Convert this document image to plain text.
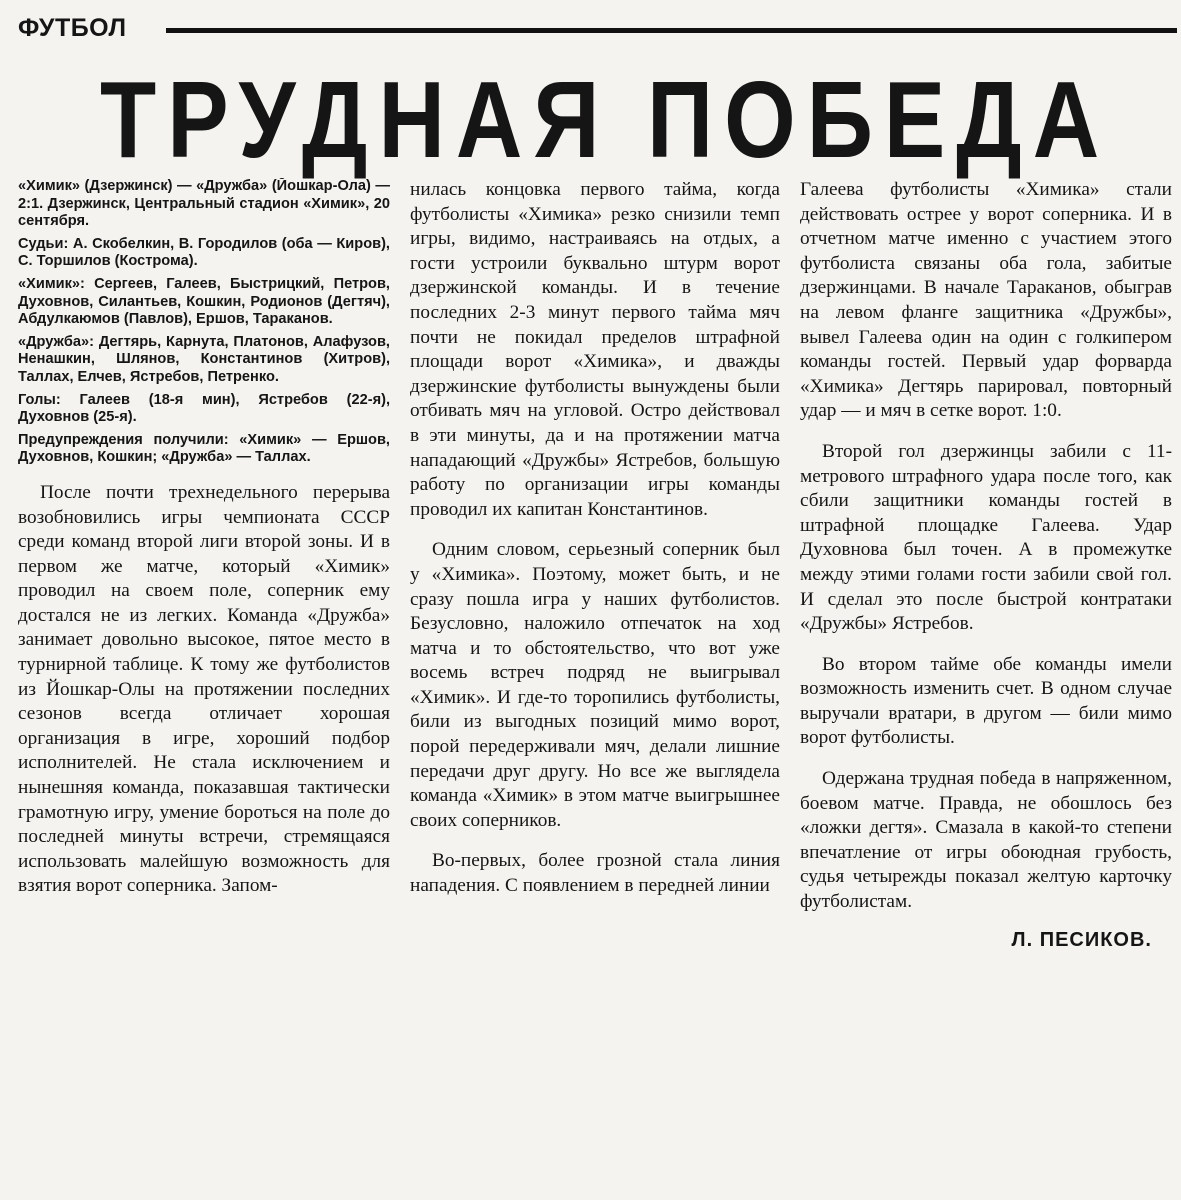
ФУТБОЛ
ТРУДНАЯ ПОБЕДА

«Химик» (Дзержинск) — «Дружба» (Йошкар-Ола) — 2:1. Дзержинск, Центральный стадион «Химик», 20 сентября.

Судьи: А. Скобелкин, В. Городилов (оба — Киров), С. Торшилов (Кострома).

«Химик»: Сергеев, Галеев, Быстрицкий, Петров, Духовнов, Силантьев, Кошкин, Родионов (Дегтяч), Абдулкаюмов (Павлов), Ершов, Тараканов.

«Дружба»: Дегтярь, Карнута, Платонов, Алафузов, Ненашкин, Шлянов, Константинов (Хитров), Таллах, Елчев, Ястребов, Петренко.

Голы: Галеев (18-я мин), Ястребов (22-я), Духовнов (25-я).

Предупреждения получили: «Химик» — Ершов, Духовнов, Кошкин; «Дружба» — Таллах.

После почти трехнедельного перерыва возобновились игры чемпионата СССР среди команд второй лиги второй зоны. И в первом же матче, который «Химик» проводил на своем поле, соперник ему достался не из легких. Команда «Дружба» занимает довольно высокое, пятое место в турнирной таблице. К тому же футболистов из Йошкар-Олы на протяжении последних сезонов всегда отличает хорошая организация в игре, хороший подбор исполнителей. Не стала исключением и нынешняя команда, показавшая тактически грамотную игру, умение бороться на поле до последней минуты встречи, стремящаяся использовать малейшую возможность для взятия ворот соперника. Запом-

нилась концовка первого тайма, когда футболисты «Химика» резко снизили темп игры, видимо, настраиваясь на отдых, а гости устроили буквально штурм ворот дзержинской команды. И в течение последних 2-3 минут первого тайма мяч почти не покидал пределов штрафной площади ворот «Химика», и дважды дзержинские футболисты вынуждены были отбивать мяч на угловой. Остро действовал в эти минуты, да и на протяжении матча нападающий «Дружбы» Ястребов, большую работу по организации игры команды проводил их капитан Константинов.

Одним словом, серьезный соперник был у «Химика». Поэтому, может быть, и не сразу пошла игра у наших футболистов. Безусловно, наложило отпечаток на ход матча и то обстоятельство, что вот уже восемь встреч подряд не выигрывал «Химик». И где-то торопились футболисты, били из выгодных позиций мимо ворот, порой передерживали мяч, делали лишние передачи друг другу. Но все же выглядела команда «Химик» в этом матче выигрышнее своих соперников.

Во-первых, более грозной стала линия нападения. С появлением в передней линии

Галеева футболисты «Химика» стали действовать острее у ворот соперника. И в отчетном матче именно с участием этого футболиста связаны оба гола, забитые дзержинцами. В начале Тараканов, обыграв на левом фланге защитника «Дружбы», вывел Галеева один на один с голкипером команды гостей. Первый удар форварда «Химика» Дегтярь парировал, повторный удар — и мяч в сетке ворот. 1:0.

Второй гол дзержинцы забили с 11-метрового штрафного удара после того, как сбили защитники команды гостей в штрафной площадке Галеева. Удар Духовнова был точен. А в промежутке между этими голами гости забили свой гол. И сделал это после быстрой контратаки «Дружбы» Ястребов.

Во втором тайме обе команды имели возможность изменить счет. В одном случае выручали вратари, в другом — били мимо ворот футболисты.

Одержана трудная победа в напряженном, боевом матче. Правда, не обошлось без «ложки дегтя». Смазала в какой-то степени впечатление от игры обоюдная грубость, судья четырежды показал желтую карточку футболистам.

Л. ПЕСИКОВ.
